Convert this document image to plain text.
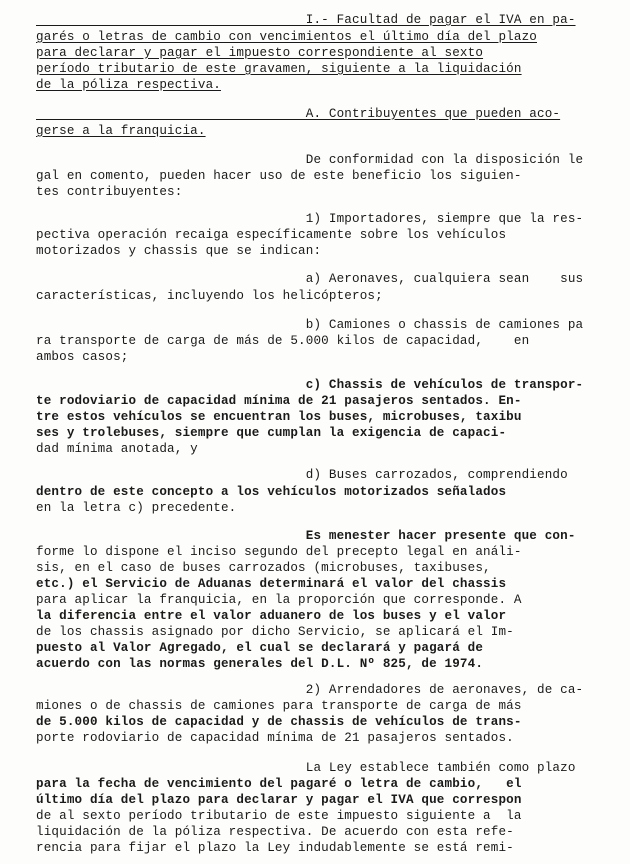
I.- Facultad de pagar el IVA en pa-
garés o letras de cambio con vencimientos el último día del plazo
para declarar y pagar el impuesto correspondiente al sexto
período tributario de este gravamen, siguiente a la liquidación
de la póliza respectiva.
A. Contribuyentes que pueden aco-
gerse a la franquicia.
De conformidad con la disposición le
gal en comento, pueden hacer uso de este beneficio los siguien-
tes contribuyentes:
1) Importadores, siempre que la res-
pectiva operación recaiga específicamente sobre los vehículos
motorizados y chassis que se indican:
a) Aeronaves, cualquiera sean    sus
características, incluyendo los helicópteros;
b) Camiones o chassis de camiones pa
ra transporte de carga de más de 5.000 kilos de capacidad,    en
ambos casos;
c) Chassis de vehículos de transpor-
te rodoviario de capacidad mínima de 21 pasajeros sentados. En-
tre estos vehículos se encuentran los buses, microbuses, taxibu
ses y trolebuses, siempre que cumplan la exigencia de capaci-
dad mínima anotada, y
d) Buses carrozados, comprendiendo
dentro de este concepto a los vehículos motorizados señalados
en la letra c) precedente.
Es menester hacer presente que con-
forme lo dispone el inciso segundo del precepto legal en análi-
sis, en el caso de buses carrozados (microbuses, taxibuses,
etc.) el Servicio de Aduanas determinará el valor del chassis
para aplicar la franquicia, en la proporción que corresponde. A
la diferencia entre el valor aduanero de los buses y el valor
de los chassis asignado por dicho Servicio, se aplicará el Im-
puesto al Valor Agregado, el cual se declarará y pagará de
acuerdo con las normas generales del D.L. Nº 825, de 1974.
2) Arrendadores de aeronaves, de ca-
miones o de chassis de camiones para transporte de carga de más
de 5.000 kilos de capacidad y de chassis de vehículos de trans-
porte rodoviario de capacidad mínima de 21 pasajeros sentados.
La Ley establece también como plazo
para la fecha de vencimiento del pagaré o letra de cambio,   el
último día del plazo para declarar y pagar el IVA que correspon
de al sexto período tributario de este impuesto siguiente a  la
liquidación de la póliza respectiva. De acuerdo con esta refe-
rencia para fijar el plazo la Ley indudablemente se está remi-
